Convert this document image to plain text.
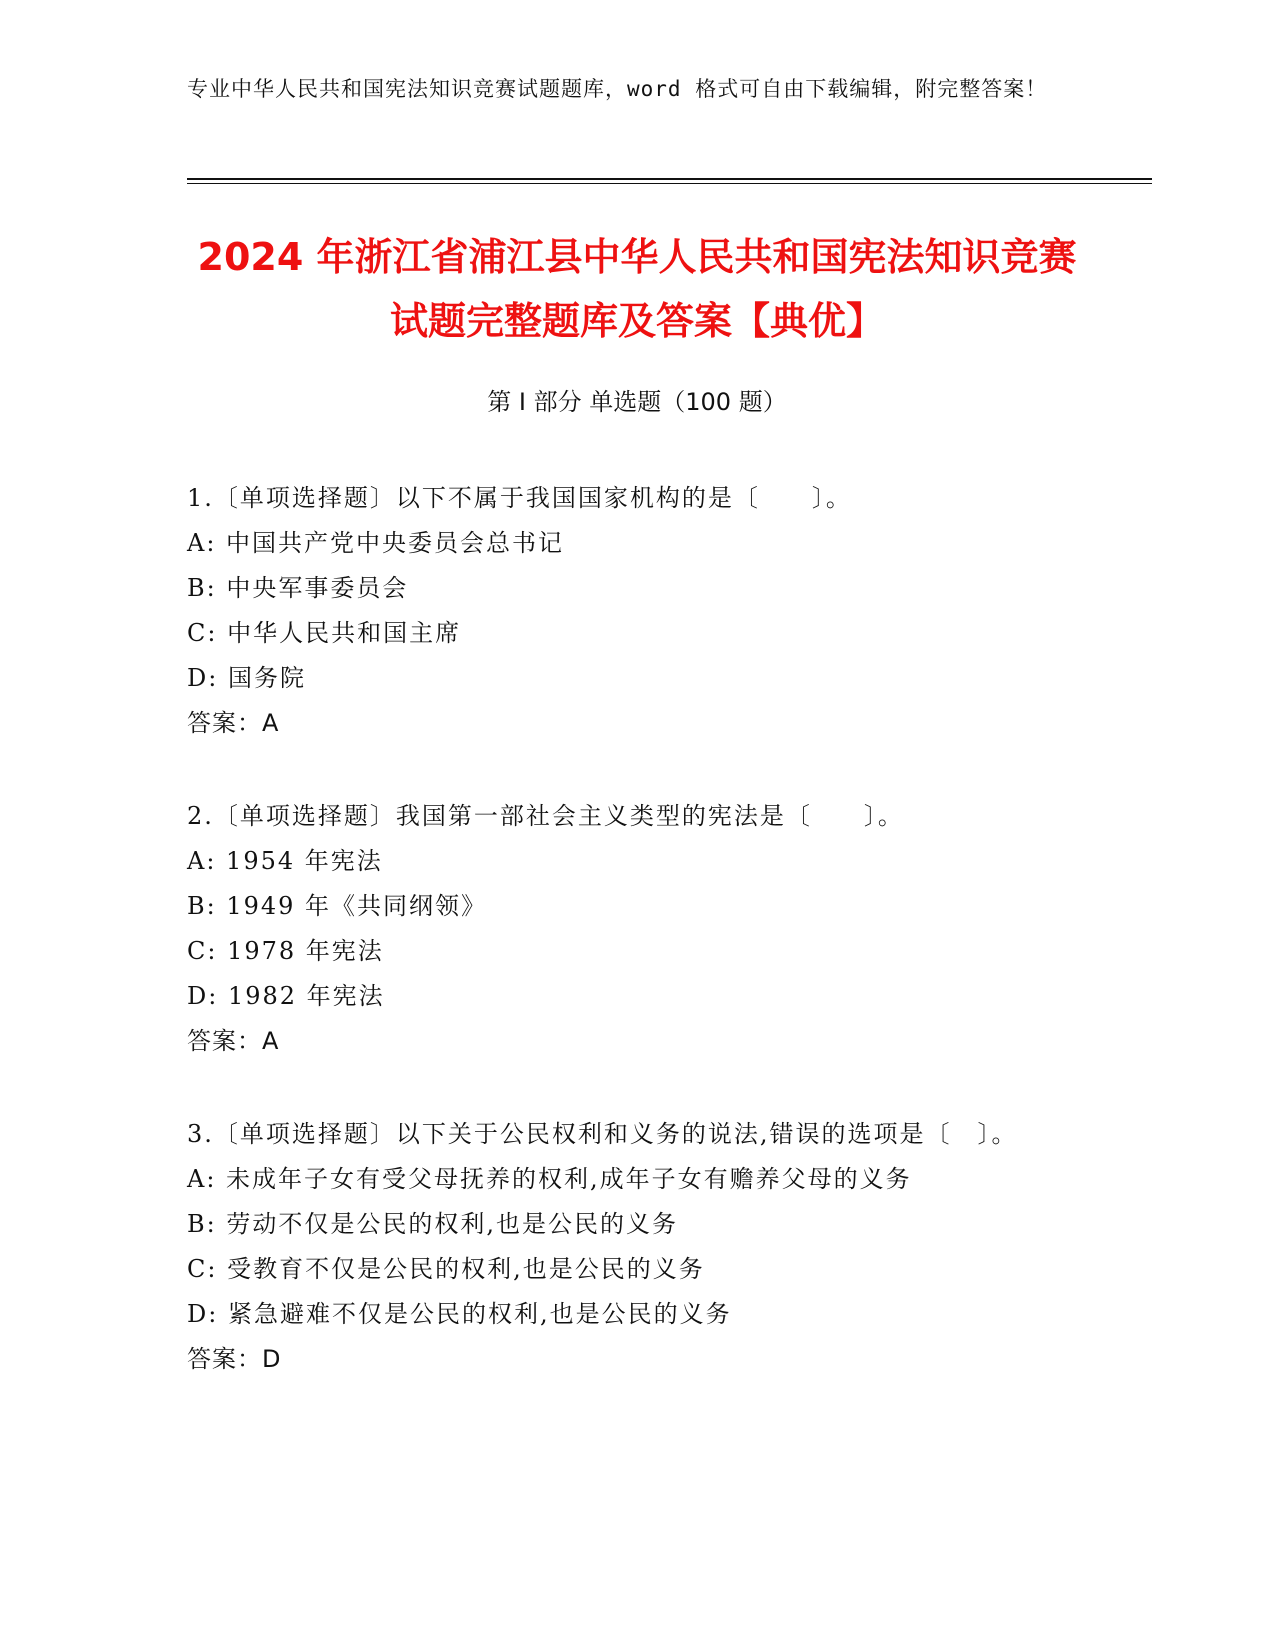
专业中华人民共和国宪法知识竞赛试题题库，word 格式可自由下载编辑，附完整答案！
2024 年浙江省浦江县中华人民共和国宪法知识竞赛试题完整题库及答案【典优】
第 I 部分 单选题（100 题）

1.〔单项选择题〕以下不属于我国国家机构的是〔　　〕。

A: 中国共产党中央委员会总书记

B: 中央军事委员会

C: 中华人民共和国主席

D: 国务院

答案：A

2.〔单项选择题〕我国第一部社会主义类型的宪法是〔　　〕。

A: 1954 年宪法

B: 1949 年《共同纲领》

C: 1978 年宪法

D: 1982 年宪法

答案：A

3.〔单项选择题〕以下关于公民权利和义务的说法,错误的选项是〔　〕。

A: 未成年子女有受父母抚养的权利,成年子女有赡养父母的义务

B: 劳动不仅是公民的权利,也是公民的义务

C: 受教育不仅是公民的权利,也是公民的义务

D: 紧急避难不仅是公民的权利,也是公民的义务

答案：D
